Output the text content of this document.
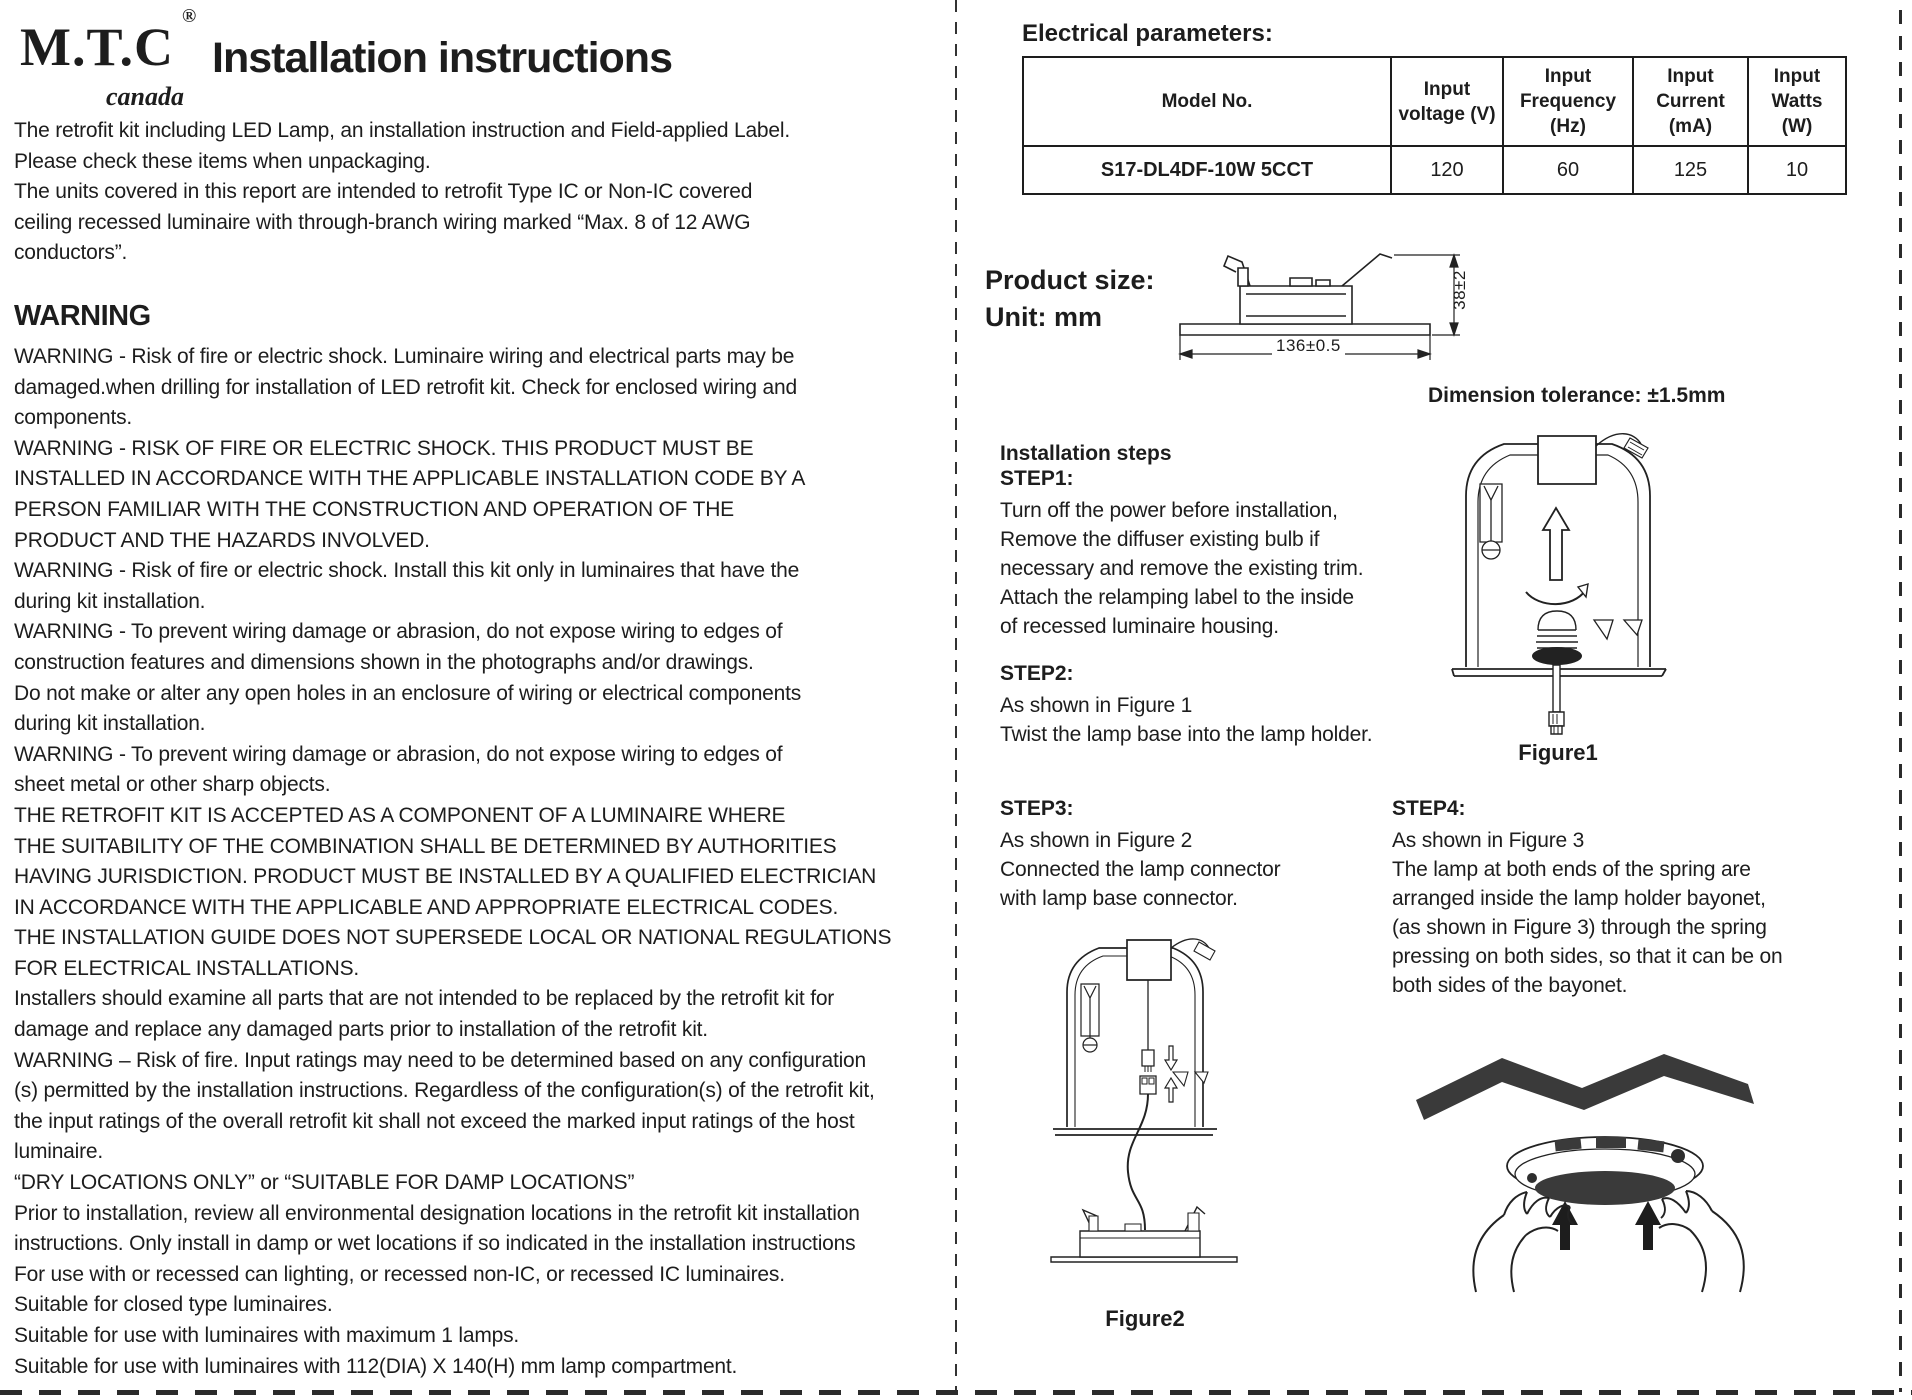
M.T.C
®
canada
Installation instructions
The retrofit kit including LED Lamp, an installation instruction and Field-applied Label.
Please check these items when unpackaging.
The units covered in this report are intended to retrofit Type IC or Non-IC covered
ceiling recessed luminaire with through-branch wiring marked “Max. 8 of 12 AWG
conductors”.
WARNING
WARNING - Risk of fire or electric shock. Luminaire wiring and electrical parts may be
damaged.when drilling for installation of LED retrofit kit. Check for enclosed wiring and
components.
WARNING - RISK OF FIRE OR ELECTRIC SHOCK. THIS PRODUCT MUST BE
INSTALLED IN ACCORDANCE WITH THE APPLICABLE INSTALLATION CODE BY A
PERSON FAMILIAR WITH THE CONSTRUCTION AND OPERATION OF THE
PRODUCT AND THE HAZARDS INVOLVED.
WARNING - Risk of fire or electric shock. Install this kit only in luminaires that have the
during kit installation.
WARNING - To prevent wiring damage or abrasion, do not expose wiring to edges of
construction features and dimensions shown in the photographs and/or drawings.
Do not make or alter any open holes in an enclosure of wiring or electrical components
during kit installation.
WARNING - To prevent wiring damage or abrasion, do not expose wiring to edges of
sheet metal or other sharp objects.
THE RETROFIT KIT IS ACCEPTED AS A COMPONENT OF A LUMINAIRE WHERE
THE SUITABILITY OF THE COMBINATION SHALL BE DETERMINED BY AUTHORITIES
HAVING JURISDICTION. PRODUCT MUST BE INSTALLED BY A QUALIFIED ELECTRICIAN
IN ACCORDANCE WITH THE APPLICABLE AND APPROPRIATE ELECTRICAL CODES.
THE INSTALLATION GUIDE DOES NOT SUPERSEDE LOCAL OR NATIONAL REGULATIONS
FOR ELECTRICAL INSTALLATIONS.
Installers should examine all parts that are not intended to be replaced by the retrofit kit for
damage and replace any damaged parts prior to installation of the retrofit kit.
WARNING – Risk of fire. Input ratings may need to be determined based on any configuration
(s) permitted by the installation instructions. Regardless of the configuration(s) of the retrofit kit,
the input ratings of the overall retrofit kit shall not exceed the marked input ratings of the host
luminaire.
“DRY LOCATIONS ONLY” or “SUITABLE FOR DAMP LOCATIONS”
Prior to installation, review all environmental designation locations in the retrofit kit installation
instructions. Only install in damp or wet locations if so indicated in the installation instructions
For use with or recessed can lighting, or recessed non-IC, or recessed IC luminaires.
Suitable for closed type luminaires.
Suitable for use with luminaires with maximum 1 lamps.
Suitable for use with luminaires with 112(DIA) X 140(H) mm lamp compartment.
Electrical parameters:
Model No.	Input voltage (V)	Input Frequency (Hz)	Input Current (mA)	Input Watts (W)
S17-DL4DF-10W 5CCT	120	60	125	10
Product size:
Unit: mm
136±0.5
38±2
Dimension tolerance: ±1.5mm
Installation steps
STEP1:
Turn off the power before installation,
Remove the diffuser existing bulb if
necessary and remove the existing trim.
Attach the relamping label to the inside
of recessed luminaire housing.
STEP2:
As shown in Figure 1
Twist the lamp base into the lamp holder.
STEP3:
As shown in Figure 2
Connected the lamp connector
with lamp base connector.
STEP4:
As shown in Figure 3
The lamp at both ends of the spring are
arranged inside the lamp holder bayonet,
(as shown in Figure 3) through the spring
pressing on both sides, so that it can be on
both sides of the bayonet.
Figure1
Figure2
